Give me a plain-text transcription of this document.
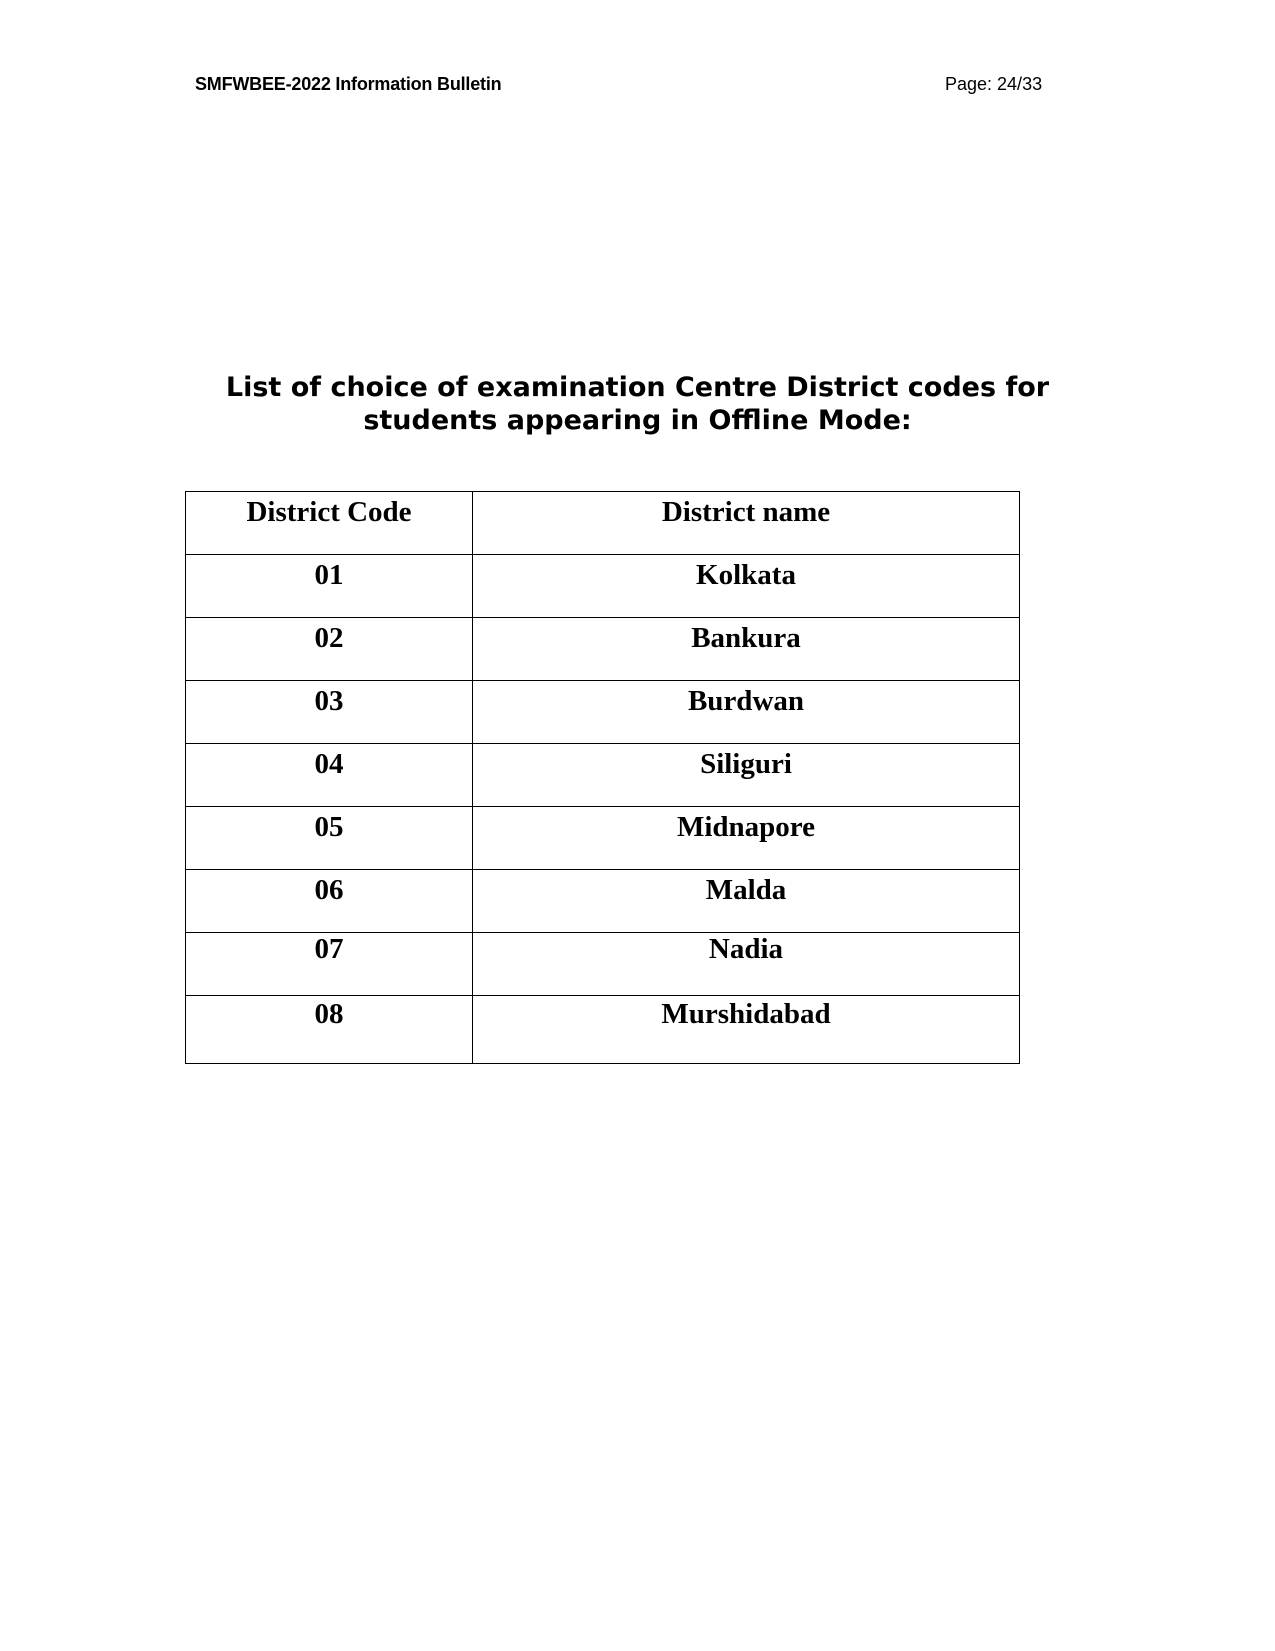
SMFWBEE-2022 Information Bulletin	Page: 24/33
List of choice of examination Centre District codes for
students appearing in Offline Mode:
District Code	District name
01	Kolkata
02	Bankura
03	Burdwan
04	Siliguri
05	Midnapore
06	Malda
07	Nadia
08	Murshidabad
